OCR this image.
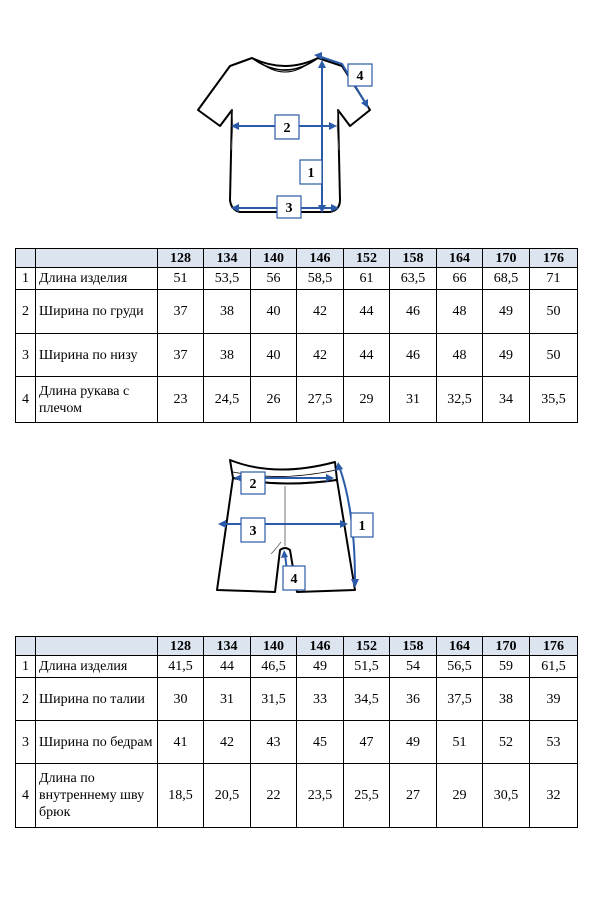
1
2
3
4
		128	134	140	146	152	158	164	170	176
1	Длина изделия	51	53,5	56	58,5	61	63,5	66	68,5	71
2	Ширина по груди	37	38	40	42	44	46	48	49	50
3	Ширина по низу	37	38	40	42	44	46	48	49	50
4	Длина рукава с плечом	23	24,5	26	27,5	29	31	32,5	34	35,5
1
2
3
4
		128	134	140	146	152	158	164	170	176
1	Длина изделия	41,5	44	46,5	49	51,5	54	56,5	59	61,5
2	Ширина по талии	30	31	31,5	33	34,5	36	37,5	38	39
3	Ширина по бедрам	41	42	43	45	47	49	51	52	53
4	Длина по внутреннему шву брюк	18,5	20,5	22	23,5	25,5	27	29	30,5	32
